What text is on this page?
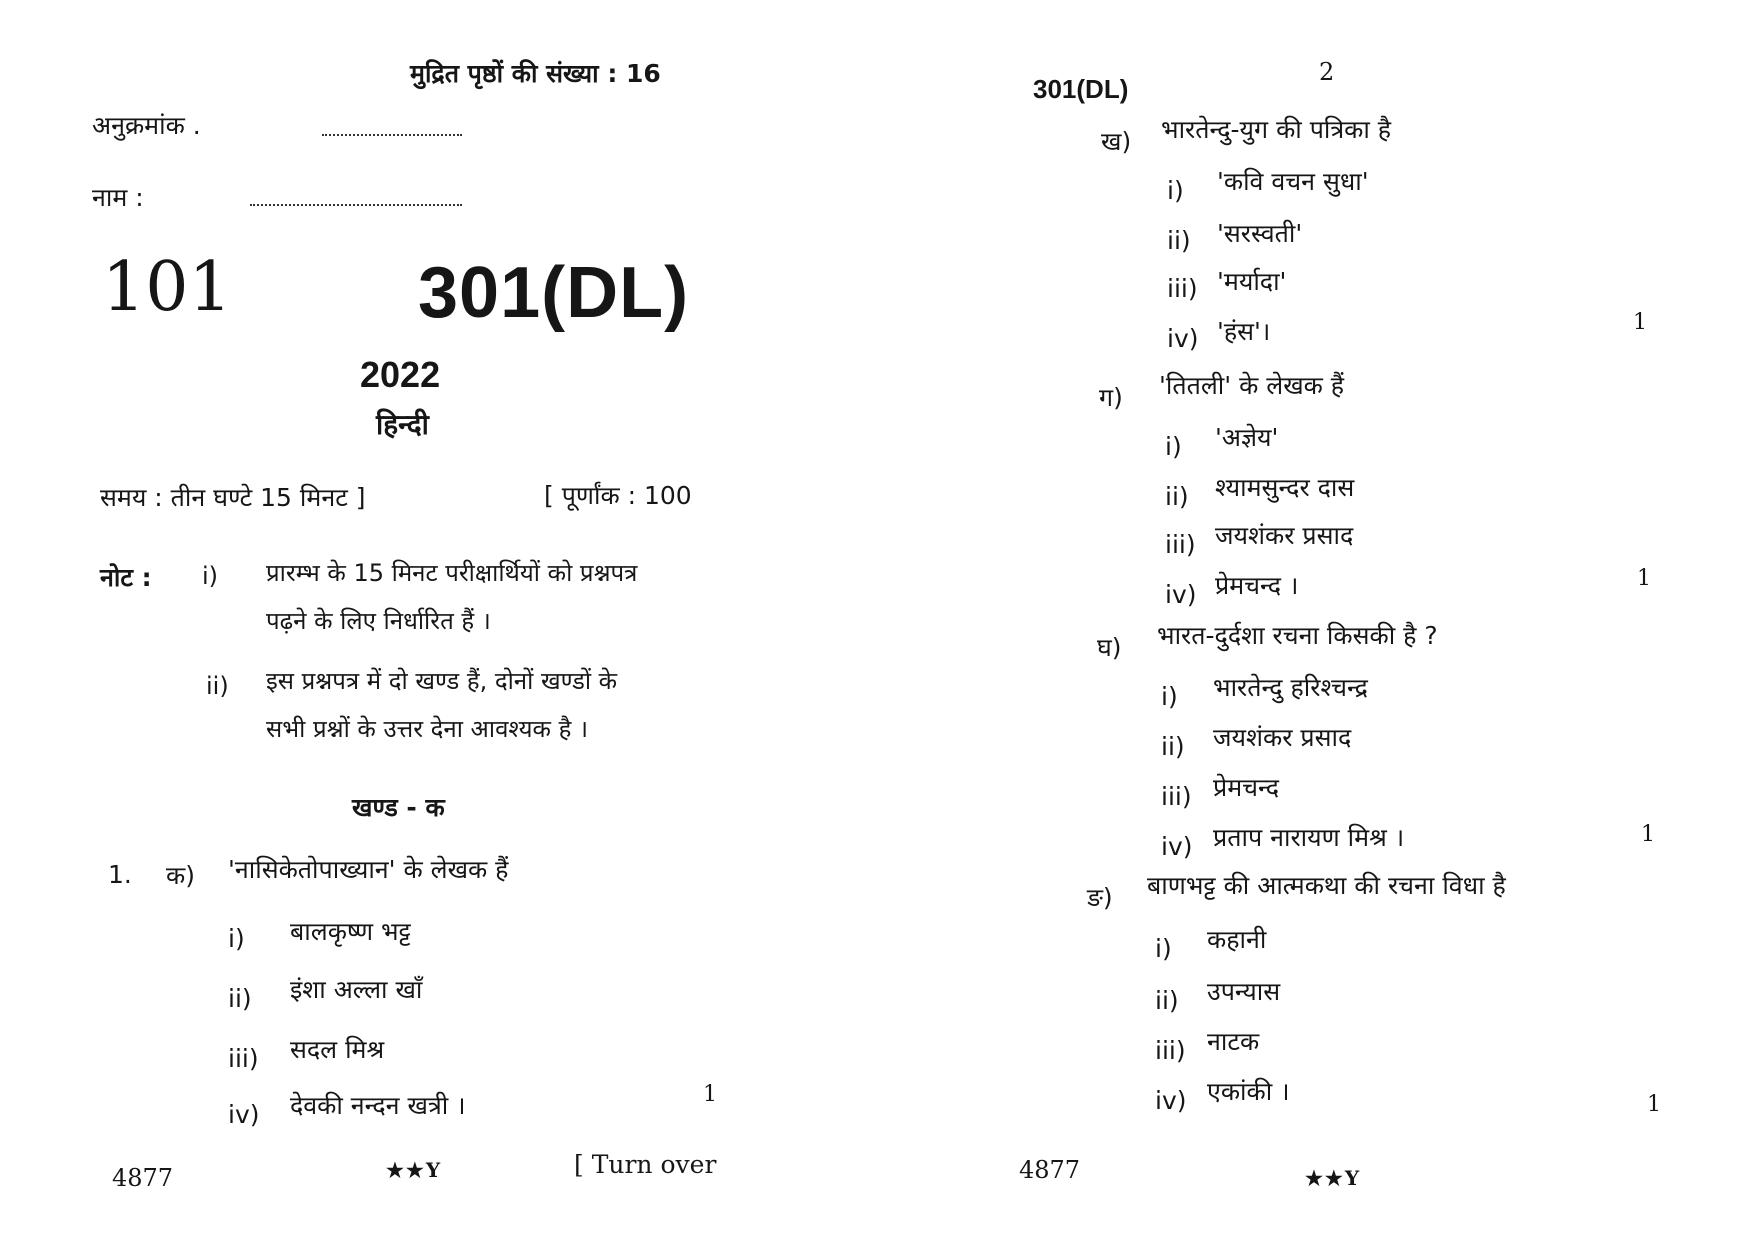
मुद्रित पृष्ठों की संख्या : 16
अनुक्रमांक .
नाम :
101	301(DL)
2022
हिन्दी
समय : तीन घण्टे 15 मिनट ]	[ पूर्णांक : 100
नोट : i) प्रारम्भ के 15 मिनट परीक्षार्थियों को प्रश्नपत्र
पढ़ने के लिए निर्धारित हैं ।
ii) इस प्रश्नपत्र में दो खण्ड हैं, दोनों खण्डों के
सभी प्रश्नों के उत्तर देना आवश्यक है ।
खण्ड - क
1. क) 'नासिकेतोपाख्यान' के लेखक हैं
i) बालकृष्ण भट्ट
ii) इंशा अल्ला खाँ
iii) सदल मिश्र
iv) देवकी नन्दन खत्री ।	1
4877	★★Y	[ Turn over
301(DL)
2
ख) भारतेन्दु-युग की पत्रिका है
i) 'कवि वचन सुधा'
ii) 'सरस्वती'
iii) 'मर्यादा'
iv) 'हंस'।	1
ग) 'तितली' के लेखक हैं
i) 'अज्ञेय'
ii) श्यामसुन्दर दास
iii) जयशंकर प्रसाद
iv) प्रेमचन्द ।	1
घ) भारत-दुर्दशा रचना किसकी है ?
i) भारतेन्दु हरिश्चन्द्र
ii) जयशंकर प्रसाद
iii) प्रेमचन्द
iv) प्रताप नारायण मिश्र ।	1
ङ) बाणभट्ट की आत्मकथा की रचना विधा है
i) कहानी
ii) उपन्यास
iii) नाटक
iv) एकांकी ।	1
4877	★★Y
